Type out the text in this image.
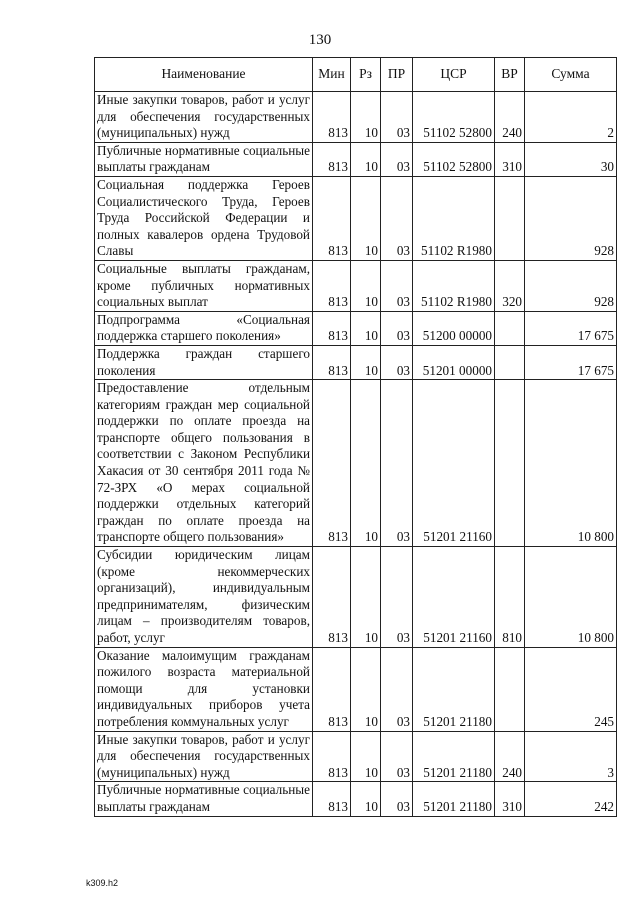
130
Наименование	Мин	Рз	ПР	ЦСР	ВР	Сумма
Иные закупки товаров, работ и услуг для обеспечения государственных (муниципальных) нужд	813	10	03	51102 52800	240	2
Публичные нормативные социальные выплаты гражданам	813	10	03	51102 52800	310	30
Социальная поддержка Героев Социалистического Труда, Героев Труда Российской Федерации и полных кавалеров ордена Трудовой Славы	813	10	03	51102 R1980		928
Социальные выплаты гражданам, кроме публичных нормативных социальных выплат	813	10	03	51102 R1980	320	928
Подпрограмма «Социальная поддержка старшего поколения»	813	10	03	51200 00000		17 675
Поддержка граждан старшего поколения	813	10	03	51201 00000		17 675
Предоставление отдельным категориям граждан мер социальной поддержки по оплате проезда на транспорте общего пользования в соответствии с Законом Республики Хакасия от 30 сентября 2011 года № 72-ЗРХ «О мерах социальной поддержки отдельных категорий граждан по оплате проезда на транспорте общего пользования»	813	10	03	51201 21160		10 800
Субсидии юридическим лицам (кроме некоммерческих организаций), индивидуальным предпринимателям, физическим лицам – производителям товаров, работ, услуг	813	10	03	51201 21160	810	10 800
Оказание малоимущим гражданам пожилого возраста материальной помощи для установки индивидуальных приборов учета потребления коммунальных услуг	813	10	03	51201 21180		245
Иные закупки товаров, работ и услуг для обеспечения государственных (муниципальных) нужд	813	10	03	51201 21180	240	3
Публичные нормативные социальные выплаты гражданам	813	10	03	51201 21180	310	242
k309.h2
